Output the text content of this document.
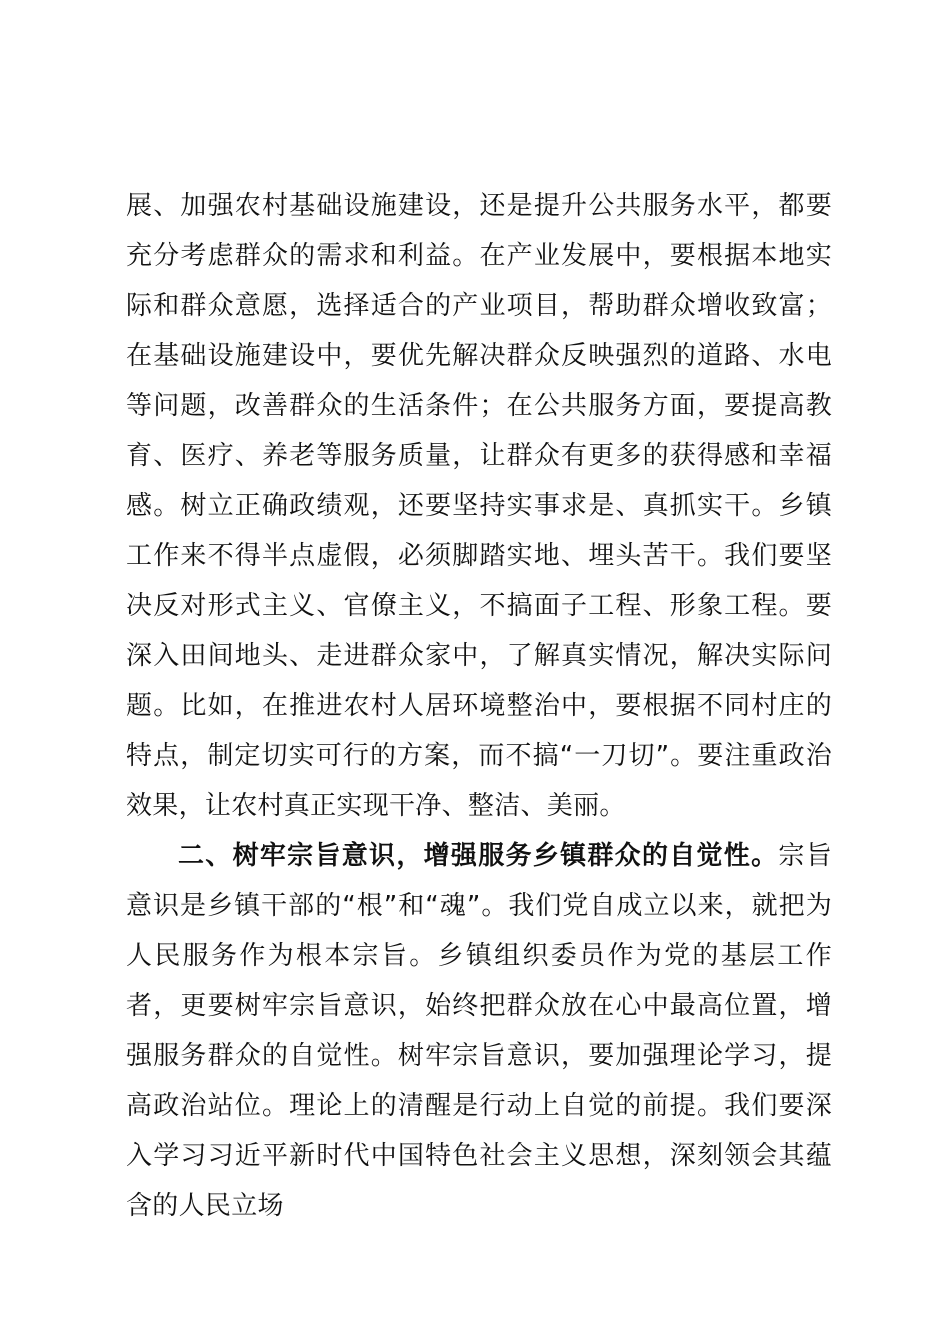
展、加强农村基础设施建设，还是提升公共服务水平，都要充分考虑群众的需求和利益。在产业发展中，要根据本地实际和群众意愿，选择适合的产业项目，帮助群众增收致富；在基础设施建设中，要优先解决群众反映强烈的道路、水电等问题，改善群众的生活条件；在公共服务方面，要提高教育、医疗、养老等服务质量，让群众有更多的获得感和幸福感。树立正确政绩观，还要坚持实事求是、真抓实干。乡镇工作来不得半点虚假，必须脚踏实地、埋头苦干。我们要坚决反对形式主义、官僚主义，不搞面子工程、形象工程。要深入田间地头、走进群众家中，了解真实情况，解决实际问题。比如，在推进农村人居环境整治中，要根据不同村庄的特点，制定切实可行的方案，而不搞“一刀切”。要注重政治效果，让农村真正实现干净、整洁、美丽。

二、树牢宗旨意识，增强服务乡镇群众的自觉性。宗旨意识是乡镇干部的“根”和“魂”。我们党自成立以来，就把为人民服务作为根本宗旨。乡镇组织委员作为党的基层工作者，更要树牢宗旨意识，始终把群众放在心中最高位置，增强服务群众的自觉性。树牢宗旨意识，要加强理论学习，提高政治站位。理论上的清醒是行动上自觉的前提。我们要深入学习习近平新时代中国特色社会主义思想，深刻领会其蕴含的人民立场
